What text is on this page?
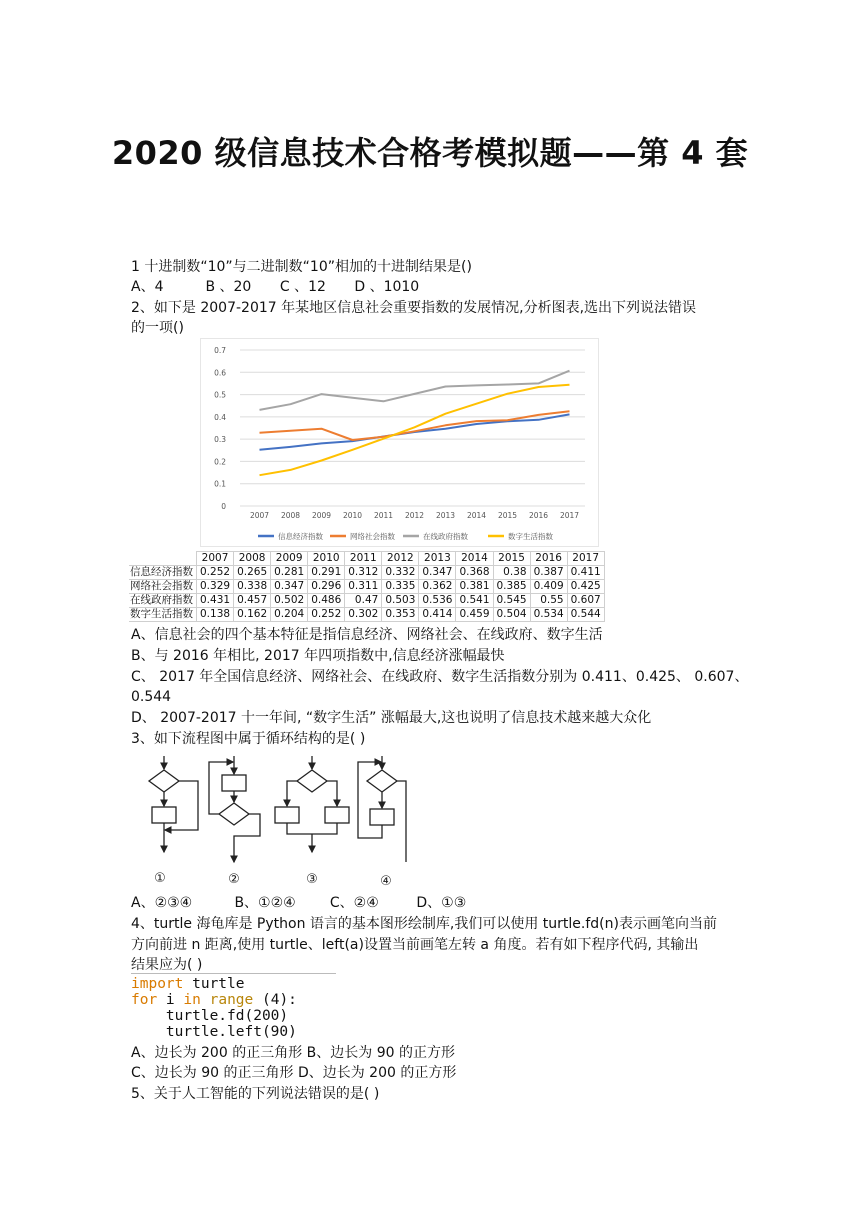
2020 级信息技术合格考模拟题——第 4 套
1 十进制数“10”与二进制数“10”相加的十进制结果是()
A、4	B 、20 C 、12 D 、1010
2、如下是 2007-2017 年某地区信息社会重要指数的发展情况,分析图表,选出下列说法错误
的一项()
0
0.1
0.2
0.3
0.4
0.5
0.6
0.7
2007 2008 2009 2010 2011 2012 2013 2014 2015 2016 2017
信息经济指数	网络社会指数	在线政府指数	数字生活指数
	2007	2008	2009	2010	2011	2012	2013	2014	2015	2016	2017
信息经济指数	0.252	0.265	0.281	0.291	0.312	0.332	0.347	0.368	0.38	0.387	0.411
网络社会指数	0.329	0.338	0.347	0.296	0.311	0.335	0.362	0.381	0.385	0.409	0.425
在线政府指数	0.431	0.457	0.502	0.486	0.47	0.503	0.536	0.541	0.545	0.55	0.607
数字生活指数	0.138	0.162	0.204	0.252	0.302	0.353	0.414	0.459	0.504	0.534	0.544
A、信息社会的四个基本特征是指信息经济、网络社会、在线政府、数字生活
B、与 2016 年相比, 2017 年四项指数中,信息经济涨幅最快
C、 2017 年全国信息经济、网络社会、在线政府、数字生活指数分别为 0.411、0.425、 0.607、
0.544
D、 2007-2017 十一年间, “数字生活” 涨幅最大,这也说明了信息技术越来越大众化
3、如下流程图中属于循环结构的是( )
①	②	③	④
A、②③④	B、①②④ C、②④	D、①③
4、turtle 海龟库是 Python 语言的基本图形绘制库,我们可以使用 turtle.fd(n)表示画笔向当前
方向前进 n 距离,使用 turtle、left(a)设置当前画笔左转 a 角度。若有如下程序代码, 其输出
结果应为( )
import turtle
for i in range (4):
turtle.fd(200)
turtle.left(90)
A、边长为 200 的正三角形 B、边长为 90 的正方形
C、边长为 90 的正三角形 D、边长为 200 的正方形
5、关于人工智能的下列说法错误的是( )
